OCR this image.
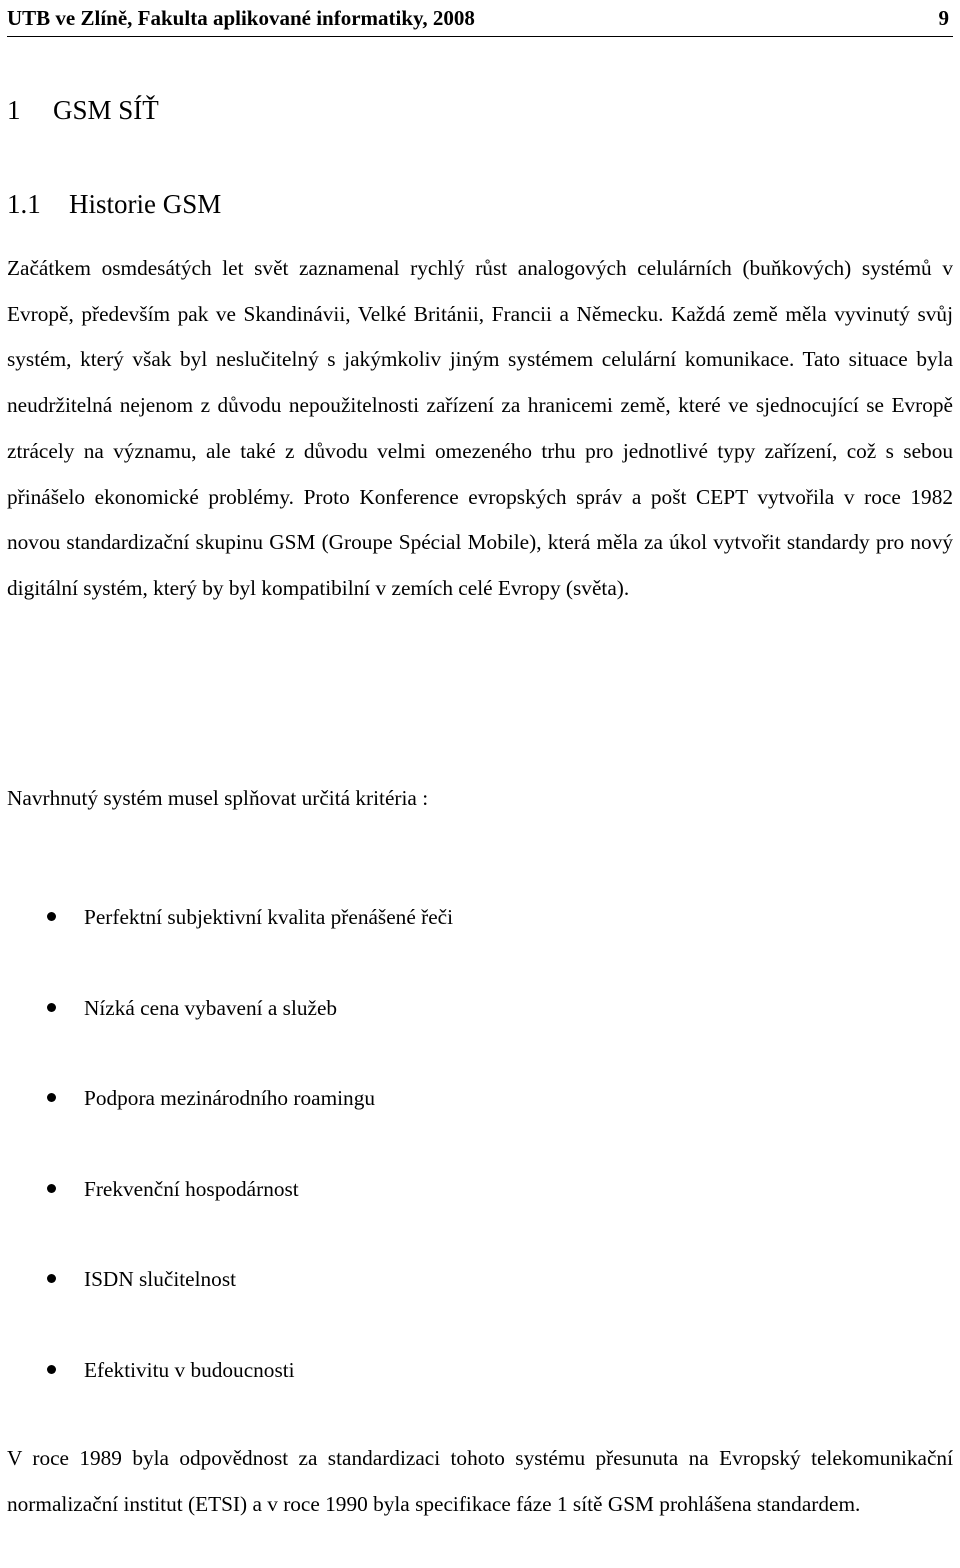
UTB ve Zlíně, Fakulta aplikované informatiky, 2008	9
1 GSM SÍŤ
1.1 Historie GSM

Začátkem osmdesátých let svět zaznamenal rychlý růst analogových celulárních (buňkových) systémů v Evropě, především pak ve Skandinávii, Velké Británii, Francii a Německu. Každá země měla vyvinutý svůj systém, který však byl neslučitelný s jakýmkoliv jiným systémem celulární komunikace. Tato situace byla neudržitelná nejenom z důvodu nepoužitelnosti zařízení za hranicemi země, které ve sjednocující se Evropě ztrácely na významu, ale také z důvodu velmi omezeného trhu pro jednotlivé typy zařízení, což s sebou přinášelo ekonomické problémy. Proto Konference evropských správ a pošt CEPT vytvořila v roce 1982 novou standardizační skupinu GSM (Groupe Spécial Mobile), která měla za úkol vytvořit standardy pro nový digitální systém, který by byl kompatibilní v zemích celé Evropy (světa).

Navrhnutý systém musel splňovat určitá kritéria :

Perfektní subjektivní kvalita přenášené řeči
Nízká cena vybavení a služeb
Podpora mezinárodního roamingu
Frekvenční hospodárnost
ISDN slučitelnost
Efektivitu v budoucnosti

V roce 1989 byla odpovědnost za standardizaci tohoto systému přesunuta na Evropský telekomunikační normalizační institut (ETSI) a v roce 1990 byla specifikace fáze 1 sítě GSM prohlášena standardem.
